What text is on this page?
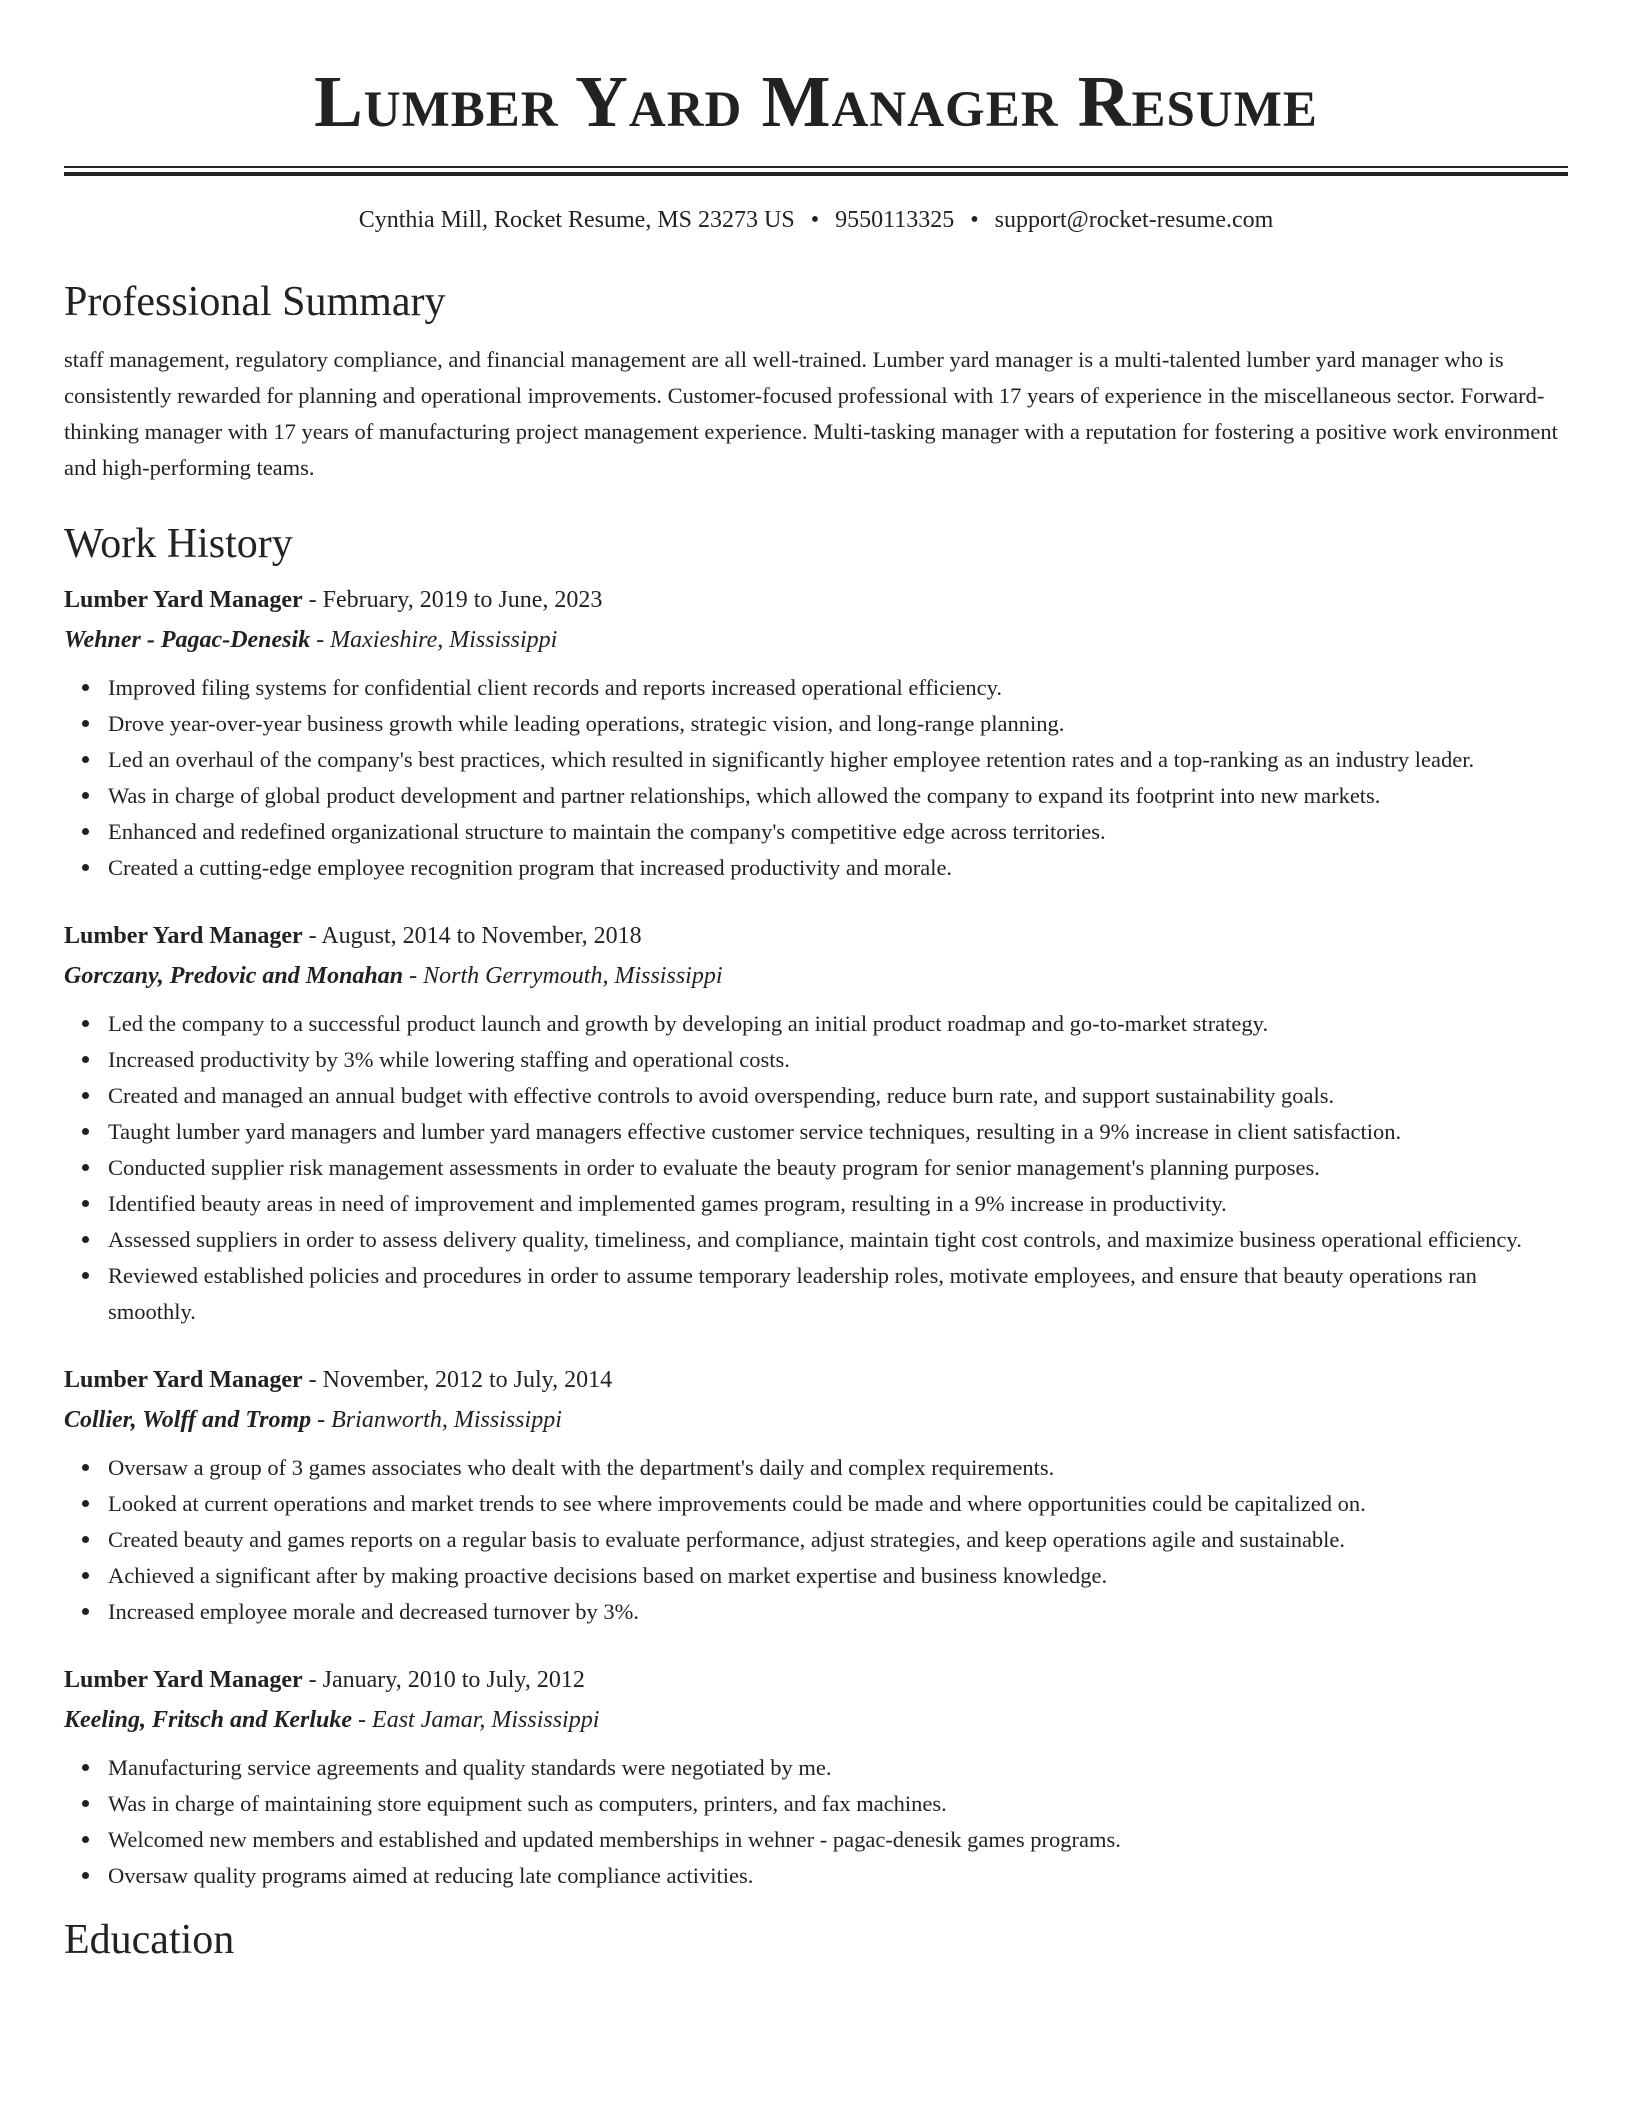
Lumber Yard Manager Resume
Cynthia Mill, Rocket Resume, MS 23273 US • 9550113325 • support@rocket-resume.com
Professional Summary

staff management, regulatory compliance, and financial management are all well-trained. Lumber yard manager is a multi-talented lumber yard manager who is consistently rewarded for planning and operational improvements. Customer-focused professional with 17 years of experience in the miscellaneous sector. Forward-thinking manager with 17 years of manufacturing project management experience. Multi-tasking manager with a reputation for fostering a positive work environment and high-performing teams.

Work History
Lumber Yard Manager - February, 2019 to June, 2023
Wehner - Pagac-Denesik - Maxieshire, Mississippi
Improved filing systems for confidential client records and reports increased operational efficiency.
Drove year-over-year business growth while leading operations, strategic vision, and long-range planning.
Led an overhaul of the company's best practices, which resulted in significantly higher employee retention rates and a top-ranking as an industry leader.
Was in charge of global product development and partner relationships, which allowed the company to expand its footprint into new markets.
Enhanced and redefined organizational structure to maintain the company's competitive edge across territories.
Created a cutting-edge employee recognition program that increased productivity and morale.
Lumber Yard Manager - August, 2014 to November, 2018
Gorczany, Predovic and Monahan - North Gerrymouth, Mississippi
Led the company to a successful product launch and growth by developing an initial product roadmap and go-to-market strategy.
Increased productivity by 3% while lowering staffing and operational costs.
Created and managed an annual budget with effective controls to avoid overspending, reduce burn rate, and support sustainability goals.
Taught lumber yard managers and lumber yard managers effective customer service techniques, resulting in a 9% increase in client satisfaction.
Conducted supplier risk management assessments in order to evaluate the beauty program for senior management's planning purposes.
Identified beauty areas in need of improvement and implemented games program, resulting in a 9% increase in productivity.
Assessed suppliers in order to assess delivery quality, timeliness, and compliance, maintain tight cost controls, and maximize business operational efficiency.
Reviewed established policies and procedures in order to assume temporary leadership roles, motivate employees, and ensure that beauty operations ran smoothly.
Lumber Yard Manager - November, 2012 to July, 2014
Collier, Wolff and Tromp - Brianworth, Mississippi
Oversaw a group of 3 games associates who dealt with the department's daily and complex requirements.
Looked at current operations and market trends to see where improvements could be made and where opportunities could be capitalized on.
Created beauty and games reports on a regular basis to evaluate performance, adjust strategies, and keep operations agile and sustainable.
Achieved a significant after by making proactive decisions based on market expertise and business knowledge.
Increased employee morale and decreased turnover by 3%.
Lumber Yard Manager - January, 2010 to July, 2012
Keeling, Fritsch and Kerluke - East Jamar, Mississippi
Manufacturing service agreements and quality standards were negotiated by me.
Was in charge of maintaining store equipment such as computers, printers, and fax machines.
Welcomed new members and established and updated memberships in wehner - pagac-denesik games programs.
Oversaw quality programs aimed at reducing late compliance activities.
Education
